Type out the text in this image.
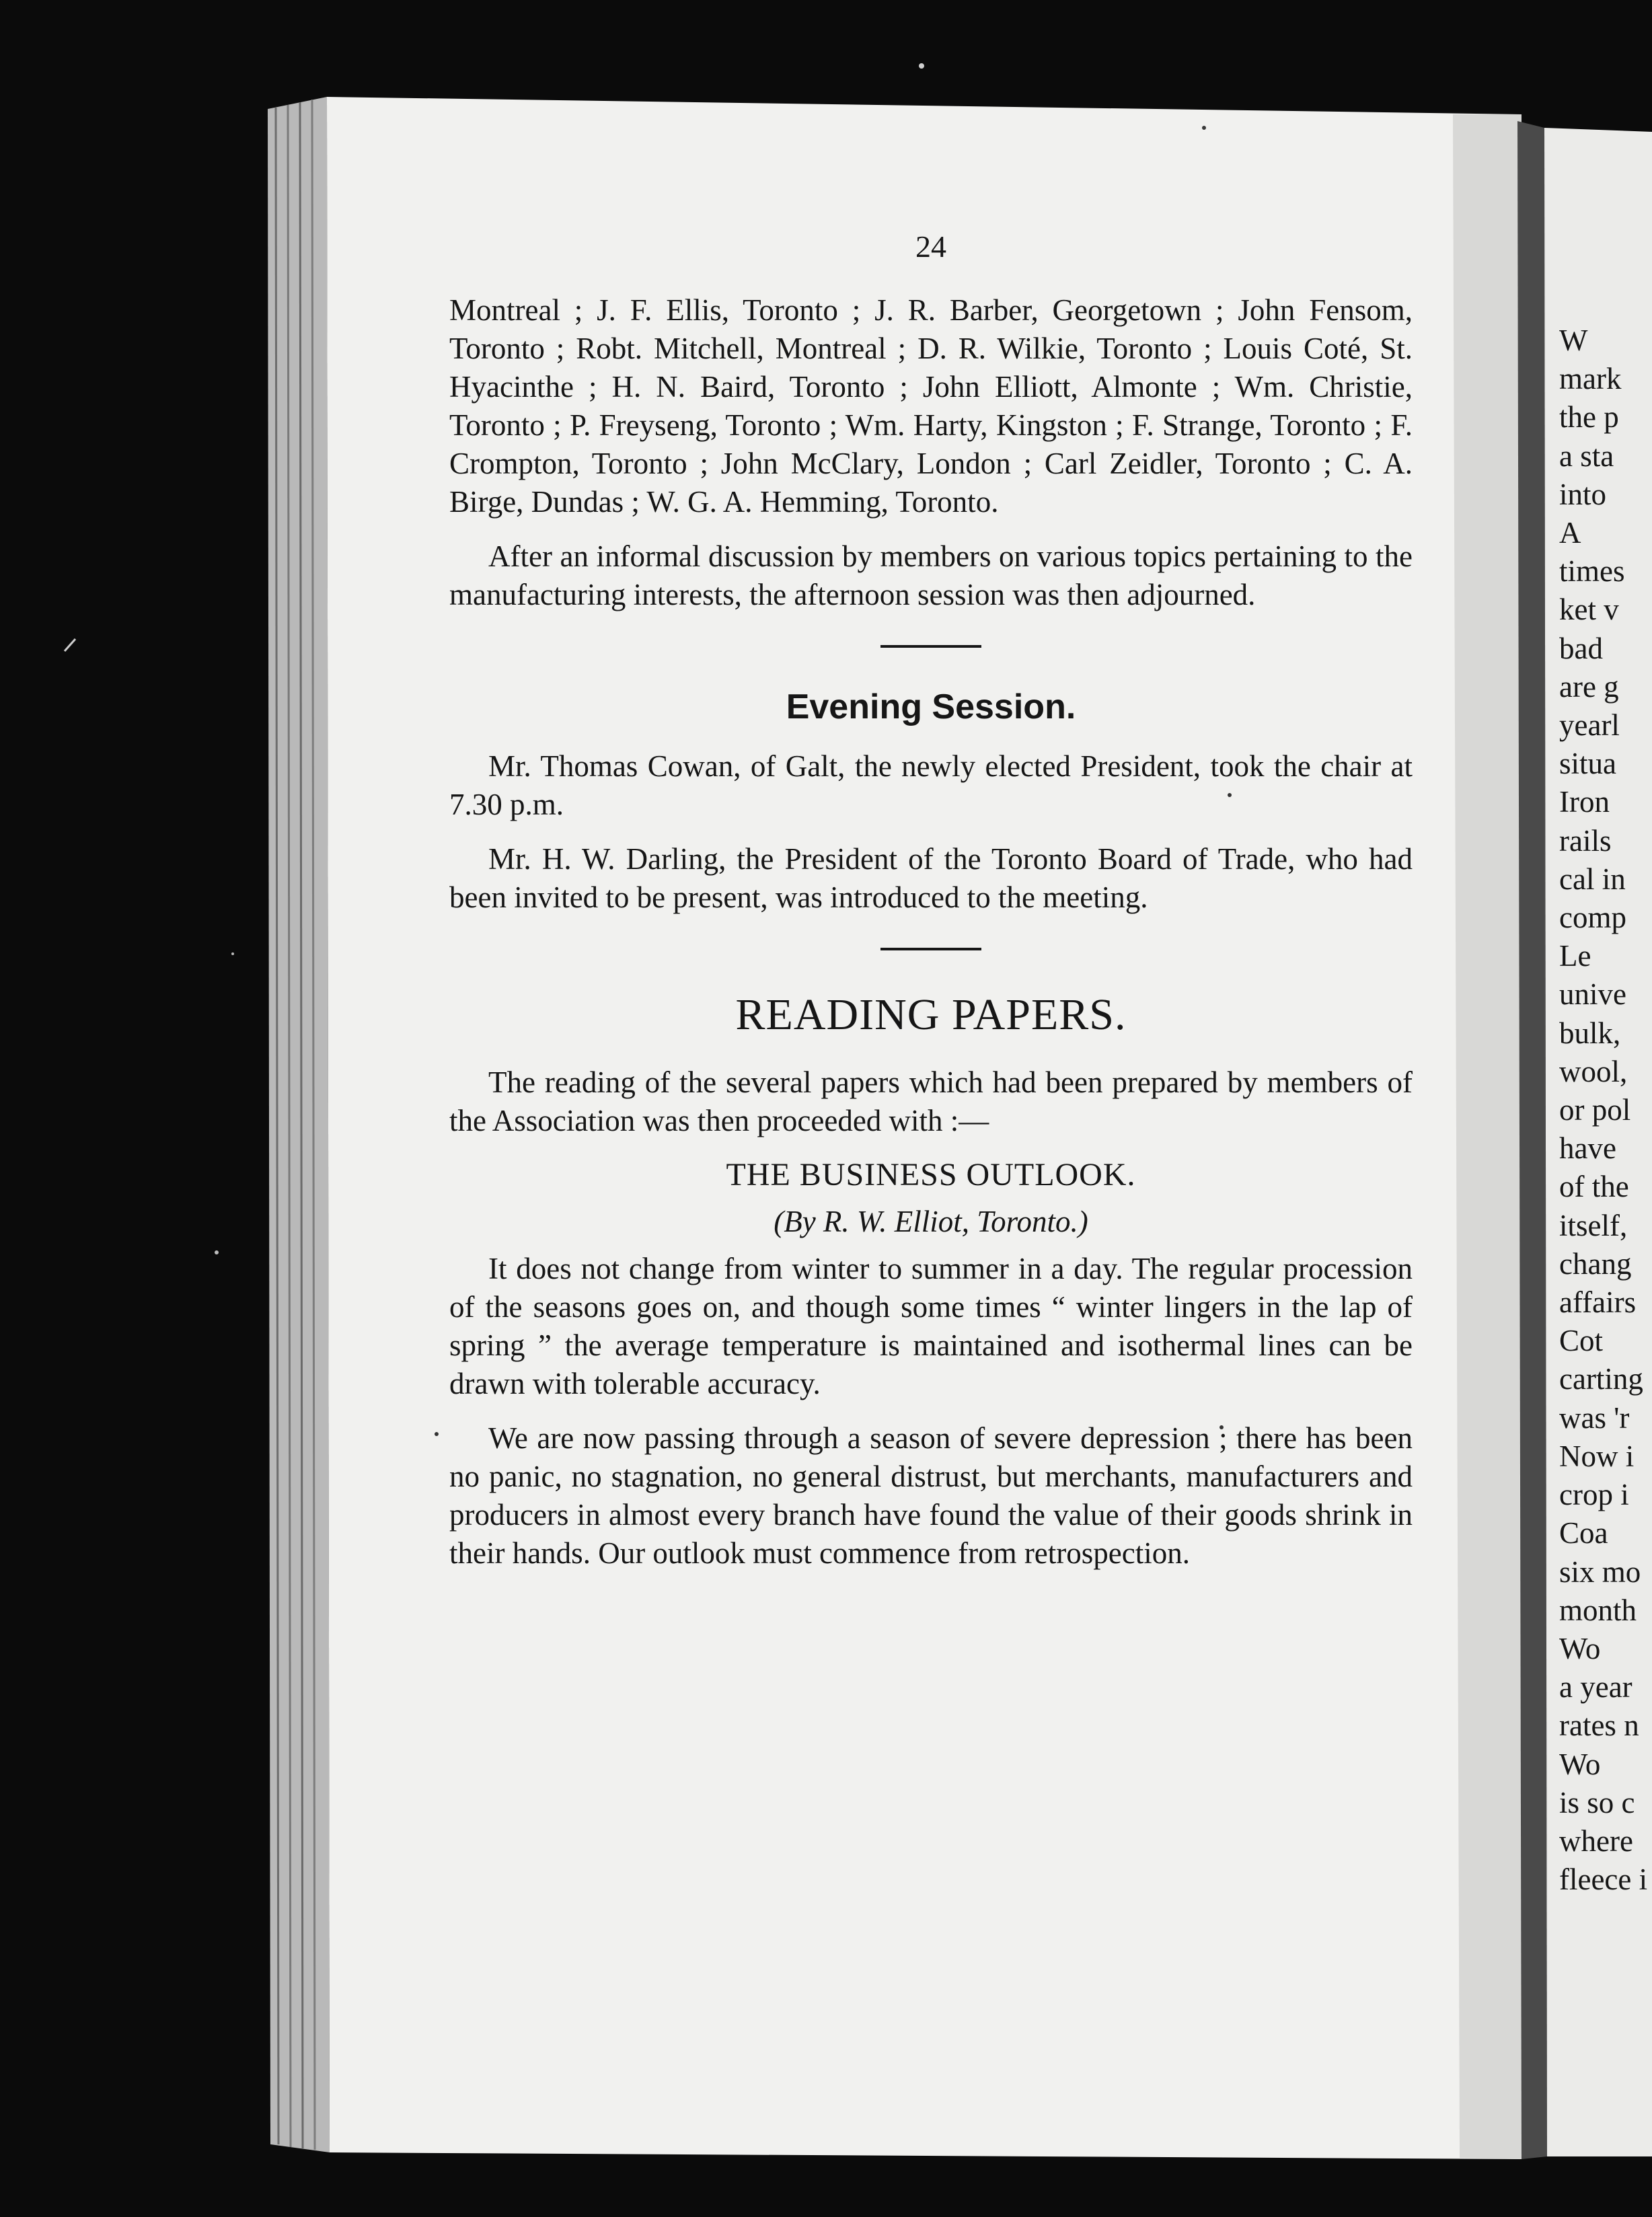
24

Montreal ; J. F. Ellis, Toronto ; J. R. Barber, Georgetown ; John Fensom, Toronto ; Robt. Mitchell, Montreal ; D. R. Wilkie, Toronto ; Louis Coté, St. Hyacinthe ; H. N. Baird, Toronto ; John Elliott, Almonte ; Wm. Christie, Toronto ; P. Freyseng, Toronto ; Wm. Harty, Kingston ; F. Strange, Toronto ; F. Crompton, Toronto ; John McClary, London ; Carl Zeidler, Toronto ; C. A. Birge, Dundas ; W. G. A. Hemming, Toronto.

After an informal discussion by members on various topics pertaining to the manufacturing interests, the afternoon session was then adjourned.

Evening Session.

Mr. Thomas Cowan, of Galt, the newly elected President, took the chair at 7.30 p.m.

Mr. H. W. Darling, the President of the Toronto Board of Trade, who had been invited to be present, was introduced to the meeting.

READING PAPERS.

The reading of the several papers which had been prepared by members of the Association was then proceeded with :—

THE BUSINESS OUTLOOK.
(By R. W. Elliot, Toronto.)

It does not change from winter to summer in a day. The regular procession of the seasons goes on, and though some times “ winter lingers in the lap of spring ” the average temperature is maintained and isothermal lines can be drawn with tolerable accuracy.

We are now passing through a season of severe depression ; there has been no panic, no stagnation, no general distrust, but merchants, manufacturers and producers in almost every branch have found the value of their goods shrink in their hands. Our outlook must commence from retrospection.

W
mark
the p
a sta
into
A
times
ket v
bad
are g
yearl
situa
Iron
rails
cal in
comp
Le
unive
bulk,
wool,
or pol
have
of the
itself,
chang
affairs
Cot
carting
was 'r
Now i
crop i
Coa
six mo
month
Wo
a year
rates n
Wo
is so c
where
fleece i
